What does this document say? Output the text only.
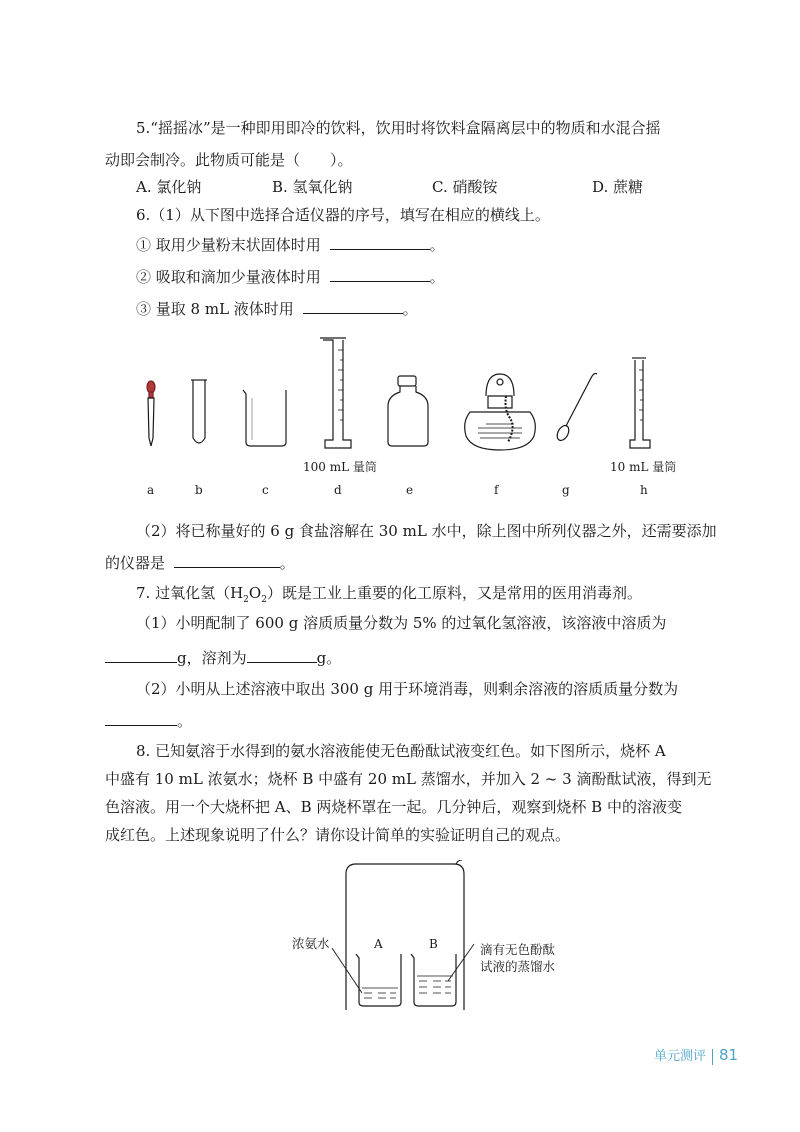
5.“摇摇冰”是一种即用即冷的饮料，饮用时将饮料盒隔离层中的物质和水混合摇
动即会制冷。此物质可能是（　　）。
A. 氯化钠	B. 氢氧化钠	C. 硝酸铵	D. 蔗糖
6.（1）从下图中选择合适仪器的序号，填写在相应的横线上。
① 取用少量粉末状固体时用	。
② 吸取和滴加少量液体时用	。
③ 量取 8 mL 液体时用	。
100 mL 量筒	10 mL 量筒
a	b	c	d	e	f	g	h
（2）将已称量好的 6 g 食盐溶解在 30 mL 水中，除上图中所列仪器之外，还需要添加
的仪器是	。
7. 过氧化氢$(H_2O_2)$既是工业上重要的化工原料，又是常用的医用消毒剂。
（1）小明配制了 600 g 溶质质量分数为 5% 的过氧化氢溶液，该溶液中溶质为
g，溶剂为	g。
（2）小明从上述溶液中取出 300 g 用于环境消毒，则剩余溶液的溶质质量分数为
。
8. 已知氨溶于水得到的氨水溶液能使无色酚酞试液变红色。如下图所示，烧杯 A
中盛有 10 mL 浓氨水；烧杯 B 中盛有 20 mL 蒸馏水，并加入 2 ~ 3 滴酚酞试液，得到无
色溶液。用一个大烧杯把 A、B 两烧杯罩在一起。几分钟后，观察到烧杯 B 中的溶液变
成红色。上述现象说明了什么？请你设计简单的实验证明自己的观点。
浓氨水	A	B	滴有无色酚酞
试液的蒸馏水
单元测评 81
